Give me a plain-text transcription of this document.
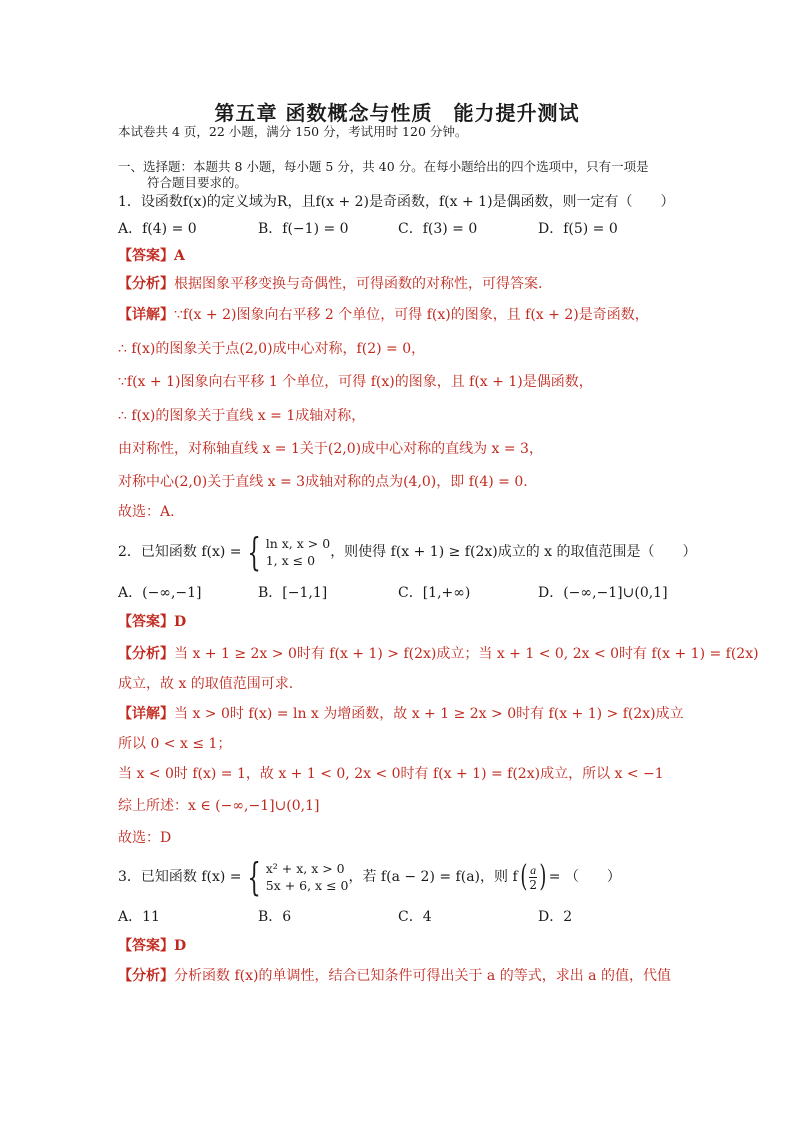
第五章 函数概念与性质　能力提升测试
本试卷共 4 页，22 小题，满分 150 分，考试用时 120 分钟。
一、选择题：本题共 8 小题，每小题 5 分，共 40 分。在每小题给出的四个选项中，只有一项是
符合题目要求的。
1．设函数f(x)的定义域为R，且f(x + 2)是奇函数，f(x + 1)是偶函数，则一定有（　　）
A．f(4) = 0	B．f(−1) = 0	C．f(3) = 0	D．f(5) = 0
【答案】A
【分析】根据图象平移变换与奇偶性，可得函数的对称性，可得答案.
【详解】∵f(x + 2)图象向右平移 2 个单位，可得 f(x)的图象，且 f(x + 2)是奇函数，
∴ f(x)的图象关于点(2,0)成中心对称，f(2) = 0，
∵f(x + 1)图象向右平移 1 个单位，可得 f(x)的图象，且 f(x + 1)是偶函数，
∴ f(x)的图象关于直线 x = 1成轴对称，
由对称性，对称轴直线 x = 1关于(2,0)成中心对称的直线为 x = 3，
对称中心(2,0)关于直线 x = 3成轴对称的点为(4,0)，即 f(4) = 0.
故选：A.
2．已知函数 f(x) = { ln x, x > 0
1, x ≤ 0
，则使得 f(x + 1) ≥ f(2x)成立的 x 的取值范围是（　　）
A．(−∞,−1]	B．[−1,1]	C．[1,+∞)	D．(−∞,−1]∪(0,1]
【答案】D
【分析】当 x + 1 ≥ 2x > 0时有 f(x + 1) > f(2x)成立；当 x + 1 < 0, 2x < 0时有 f(x + 1) = f(2x)
成立，故 x 的取值范围可求.
【详解】当 x > 0时 f(x) = ln x 为增函数，故 x + 1 ≥ 2x > 0时有 f(x + 1) > f(2x)成立
所以 0 < x ≤ 1；
当 x < 0时 f(x) = 1，故 x + 1 < 0, 2x < 0时有 f(x + 1) = f(2x)成立，所以 x < −1
综上所述：x ∈ (−∞,−1]∪(0,1]
故选：D
3．已知函数 f(x) = { x² + x, x > 0
5x + 6, x ≤ 0
，若 f(a − 2) = f(a)，则 $f( \frac{a}{2}$ ) = （　　）
A．11	B．6	C．4	D．2
【答案】D
【分析】分析函数 f(x)的单调性，结合已知条件可得出关于 a 的等式，求出 a 的值，代值
